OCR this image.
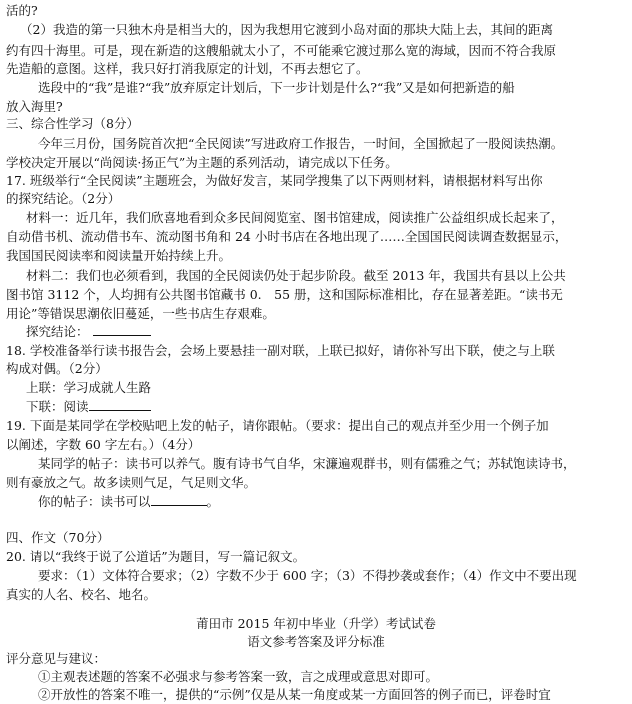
活的?
（2）我造的第一只独木舟是相当大的，因为我想用它渡到小岛对面的那块大陆上去，其间的距离
约有四十海里。可是，现在新造的这艘船就太小了，不可能乘它渡过那么宽的海域，因而不符合我原
先造船的意图。这样，我只好打消我原定的计划，不再去想它了。
选段中的“我”是谁?“我”放弃原定计划后，下一步计划是什么?“我”又是如何把新造的船
放入海里?
三、综合性学习（8分）
今年三月份，国务院首次把“全民阅读”写进政府工作报告，一时间，全国掀起了一股阅读热潮。
学校决定开展以“尚阅读·扬正气”为主题的系列活动，请完成以下任务。
17. 班级举行“全民阅读”主题班会，为做好发言，某同学搜集了以下两则材料，请根据材料写出你
的探究结论。（2分）
材料一：近几年，我们欣喜地看到众多民间阅览室、图书馆建成，阅读推广公益组织成长起来了，
自动借书机、流动借书车、流动图书角和 24 小时书店在各地出现了……全国国民阅读调查数据显示，
我国国民阅读率和阅读量开始持续上升。
材料二：我们也必须看到，我国的全民阅读仍处于起步阶段。截至 2013 年，我国共有县以上公共
图书馆 3112 个，人均拥有公共图书馆藏书 0.　55 册，这和国际标准相比，存在显著差距。“读书无
用论”等错误思潮依旧蔓延，一些书店生存艰难。
探究结论：
18. 学校准备举行读书报告会，会场上要悬挂一副对联，上联已拟好，请你补写出下联，使之与上联
构成对偶。（2分）
上联：学习成就人生路
下联：阅读
19. 下面是某同学在学校贴吧上发的帖子，请你跟帖。（要求：提出自己的观点并至少用一个例子加
以阐述，字数 60 字左右。）（4分）
某同学的帖子：读书可以养气。腹有诗书气自华，宋濂遍观群书，则有儒雅之气；苏轼饱读诗书，
则有豪放之气。故多读则气足，气足则文华。
你的帖子：读书可以	。
四、作文（70分）
20. 请以“我终于说了公道话”为题目，写一篇记叙文。
要求：（1）文体符合要求；（2）字数不少于 600 字；（3）不得抄袭或套作；（4）作文中不要出现
真实的人名、校名、地名。
莆田市 2015 年初中毕业（升学）考试试卷
语文参考答案及评分标准
评分意见与建议：
①主观表述题的答案不必强求与参考答案一致，言之成理或意思对即可。
②开放性的答案不唯一，提供的“示例”仅是从某一角度或某一方面回答的例子而已，评卷时宜
